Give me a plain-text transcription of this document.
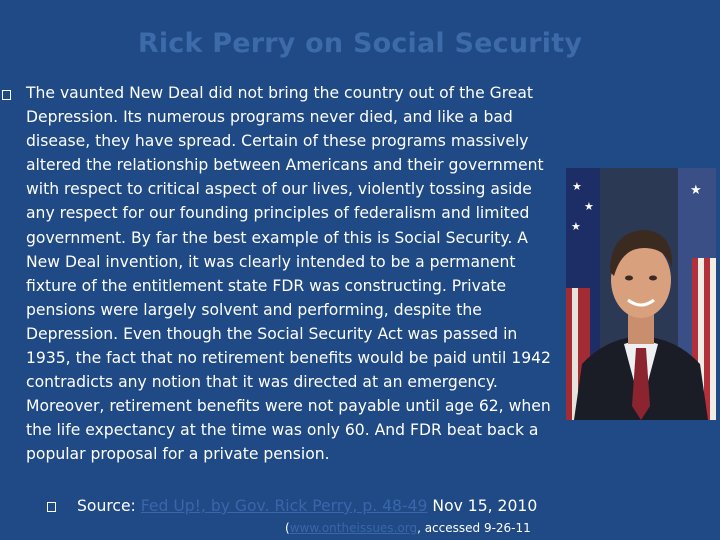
Rick Perry on Social Security

The vaunted New Deal did not bring the country out of the Great Depression. Its numerous programs never died, and like a bad disease, they have spread. Certain of these programs massively altered the relationship between Americans and their government with respect to critical aspect of our lives, violently tossing aside any respect for our founding principles of federalism and limited government. By far the best example of this is Social Security. A New Deal invention, it was clearly intended to be a permanent fixture of the entitlement state FDR was constructing. Private pensions were largely solvent and performing, despite the Depression. Even though the Social Security Act was passed in 1935, the fact that no retirement benefits would be paid until 1942 contradicts any notion that it was directed at an emergency. Moreover, retirement benefits were not payable until age 62, when the life expectancy at the time was only 60. And FDR beat back a popular proposal for a private pension.

Source: Fed Up!, by Gov. Rick Perry, p. 48-49 Nov 15, 2010
(www.ontheissues.org, accessed 9-26-11
★
★
★
★
